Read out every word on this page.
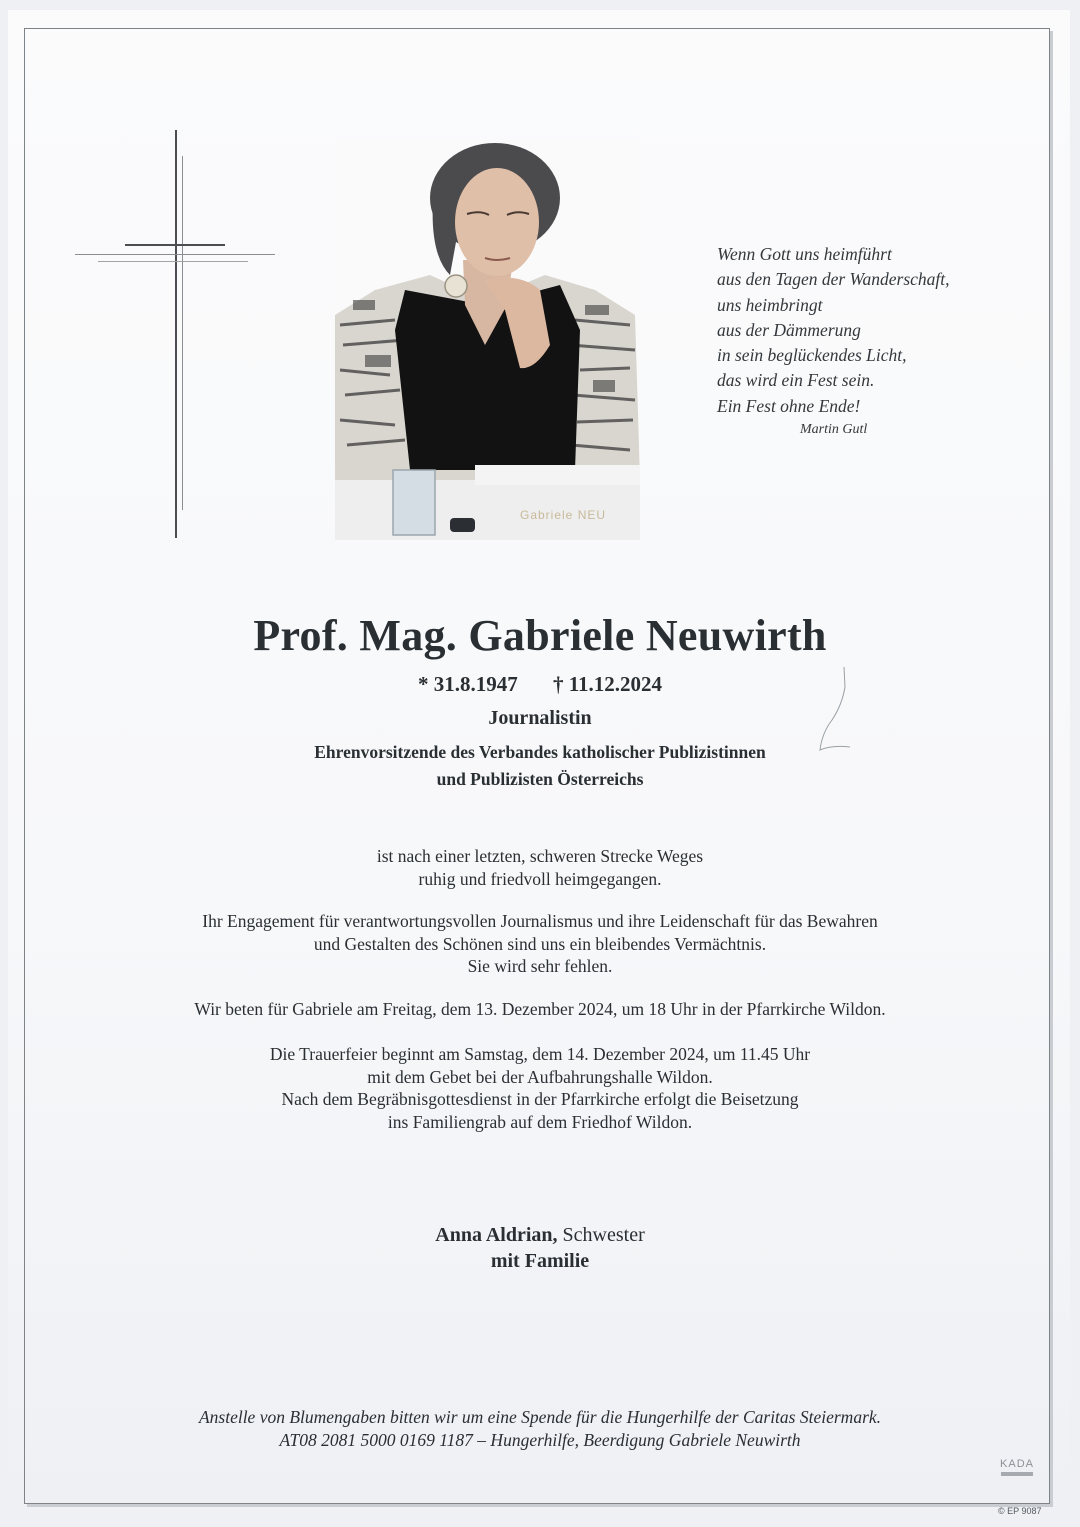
Gabriele NEU
Wenn Gott uns heimführt
aus den Tagen der Wanderschaft,
uns heimbringt
aus der Dämmerung
in sein beglückendes Licht,
das wird ein Fest sein.
Ein Fest ohne Ende!
Martin Gutl
Prof. Mag. Gabriele Neuwirth
* 31.8.1947 † 11.12.2024
Journalistin
Ehrenvorsitzende des Verbandes katholischer Publizistinnen
und Publizisten Österreichs
ist nach einer letzten, schweren Strecke Weges
ruhig und friedvoll heimgegangen.
Ihr Engagement für verantwortungsvollen Journalismus und ihre Leidenschaft für das Bewahren
und Gestalten des Schönen sind uns ein bleibendes Vermächtnis.
Sie wird sehr fehlen.
Wir beten für Gabriele am Freitag, dem 13. Dezember 2024, um 18 Uhr in der Pfarrkirche Wildon.
Die Trauerfeier beginnt am Samstag, dem 14. Dezember 2024, um 11.45 Uhr
mit dem Gebet bei der Aufbahrungshalle Wildon.
Nach dem Begräbnisgottesdienst in der Pfarrkirche erfolgt die Beisetzung
ins Familiengrab auf dem Friedhof Wildon.
Anna Aldrian, Schwester
mit Familie
Anstelle von Blumengaben bitten wir um eine Spende für die Hungerhilfe der Caritas Steiermark.
AT08 2081 5000 0169 1187 – Hungerhilfe, Beerdigung Gabriele Neuwirth
KADA
© EP 9087
